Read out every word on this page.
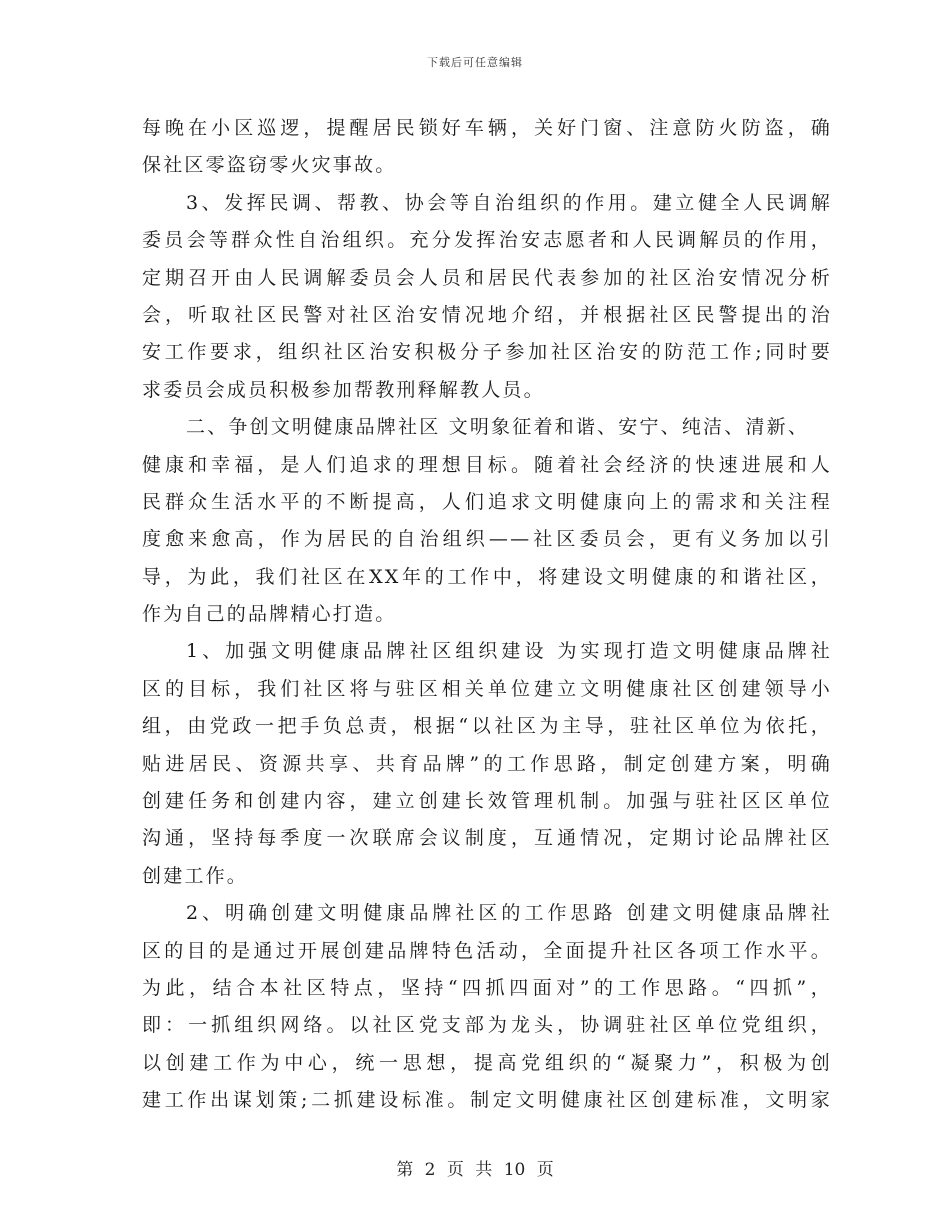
下载后可任意编辑
每晚在小区巡逻，提醒居民锁好车辆，关好门窗、注意防火防盗，确
保社区零盗窃零火灾事故。
3、发挥民调、帮教、协会等自治组织的作用。建立健全人民调解
委员会等群众性自治组织。充分发挥治安志愿者和人民调解员的作用，
定期召开由人民调解委员会人员和居民代表参加的社区治安情况分析
会，听取社区民警对社区治安情况地介绍，并根据社区民警提出的治
安工作要求，组织社区治安积极分子参加社区治安的防范工作;同时要
求委员会成员积极参加帮教刑释解教人员。
二、争创文明健康品牌社区 文明象征着和谐、安宁、纯洁、清新、
健康和幸福，是人们追求的理想目标。随着社会经济的快速进展和人
民群众生活水平的不断提高，人们追求文明健康向上的需求和关注程
度愈来愈高，作为居民的自治组织——社区委员会，更有义务加以引
导，为此，我们社区在XX年的工作中，将建设文明健康的和谐社区，
作为自己的品牌精心打造。
1、加强文明健康品牌社区组织建设 为实现打造文明健康品牌社
区的目标，我们社区将与驻区相关单位建立文明健康社区创建领导小
组，由党政一把手负总责，根据“以社区为主导，驻社区单位为依托，
贴进居民、资源共享、共育品牌”的工作思路，制定创建方案，明确
创建任务和创建内容，建立创建长效管理机制。加强与驻社区区单位
沟通，坚持每季度一次联席会议制度，互通情况，定期讨论品牌社区
创建工作。
2、明确创建文明健康品牌社区的工作思路 创建文明健康品牌社
区的目的是通过开展创建品牌特色活动，全面提升社区各项工作水平。
为此，结合本社区特点，坚持“四抓四面对”的工作思路。“四抓”，
即：一抓组织网络。以社区党支部为龙头，协调驻社区单位党组织，
以创建工作为中心，统一思想，提高党组织的“凝聚力”，积极为创
建工作出谋划策;二抓建设标准。制定文明健康社区创建标准，文明家
第 2 页 共 10 页
